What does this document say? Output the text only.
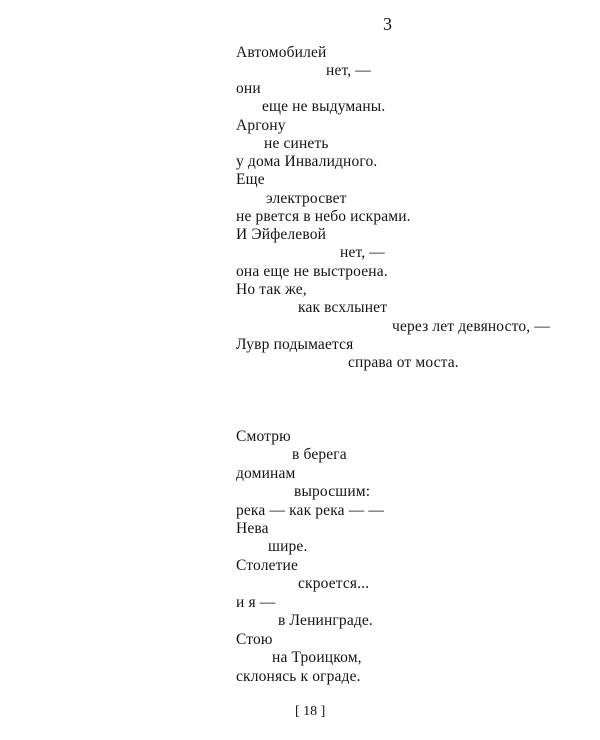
3
Автомобилей
нет, —
они
еще не выдуманы.
Аргону
не синеть
у дома Инвалидного.
Еще
электросвет
не рвется в небо искрами.
И Эйфелевой
нет, —
она еще не выстроена.
Но так же,
как всхлынет
через лет девяносто, —
Лувр подымается
справа от моста.
Смотрю
в берега
доминам
выросшим:
река — как река — —
Нева
шире.
Столетие
скроется...
и я —
в Ленинграде.
Стою
на Троицком,
склонясь к ограде.
[ 18 ]
